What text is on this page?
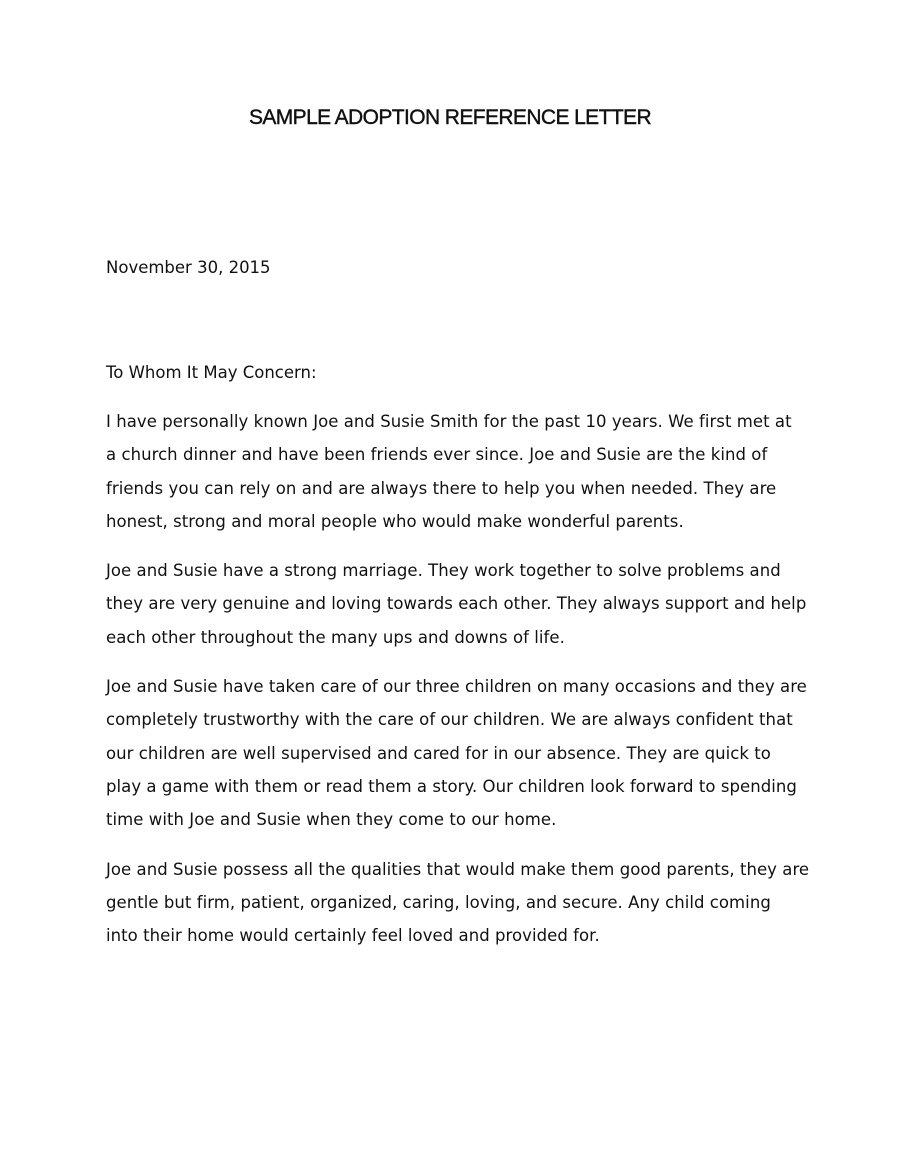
SAMPLE ADOPTION REFERENCE LETTER

November 30, 2015

To Whom It May Concern:

I have personally known Joe and Susie Smith for the past 10 years. We first met at
a church dinner and have been friends ever since. Joe and Susie are the kind of
friends you can rely on and are always there to help you when needed. They are
honest, strong and moral people who would make wonderful parents.
Joe and Susie have a strong marriage. They work together to solve problems and
they are very genuine and loving towards each other. They always support and help
each other throughout the many ups and downs of life.
Joe and Susie have taken care of our three children on many occasions and they are
completely trustworthy with the care of our children. We are always confident that
our children are well supervised and cared for in our absence. They are quick to
play a game with them or read them a story. Our children look forward to spending
time with Joe and Susie when they come to our home.
Joe and Susie possess all the qualities that would make them good parents, they are
gentle but firm, patient, organized, caring, loving, and secure. Any child coming
into their home would certainly feel loved and provided for.
